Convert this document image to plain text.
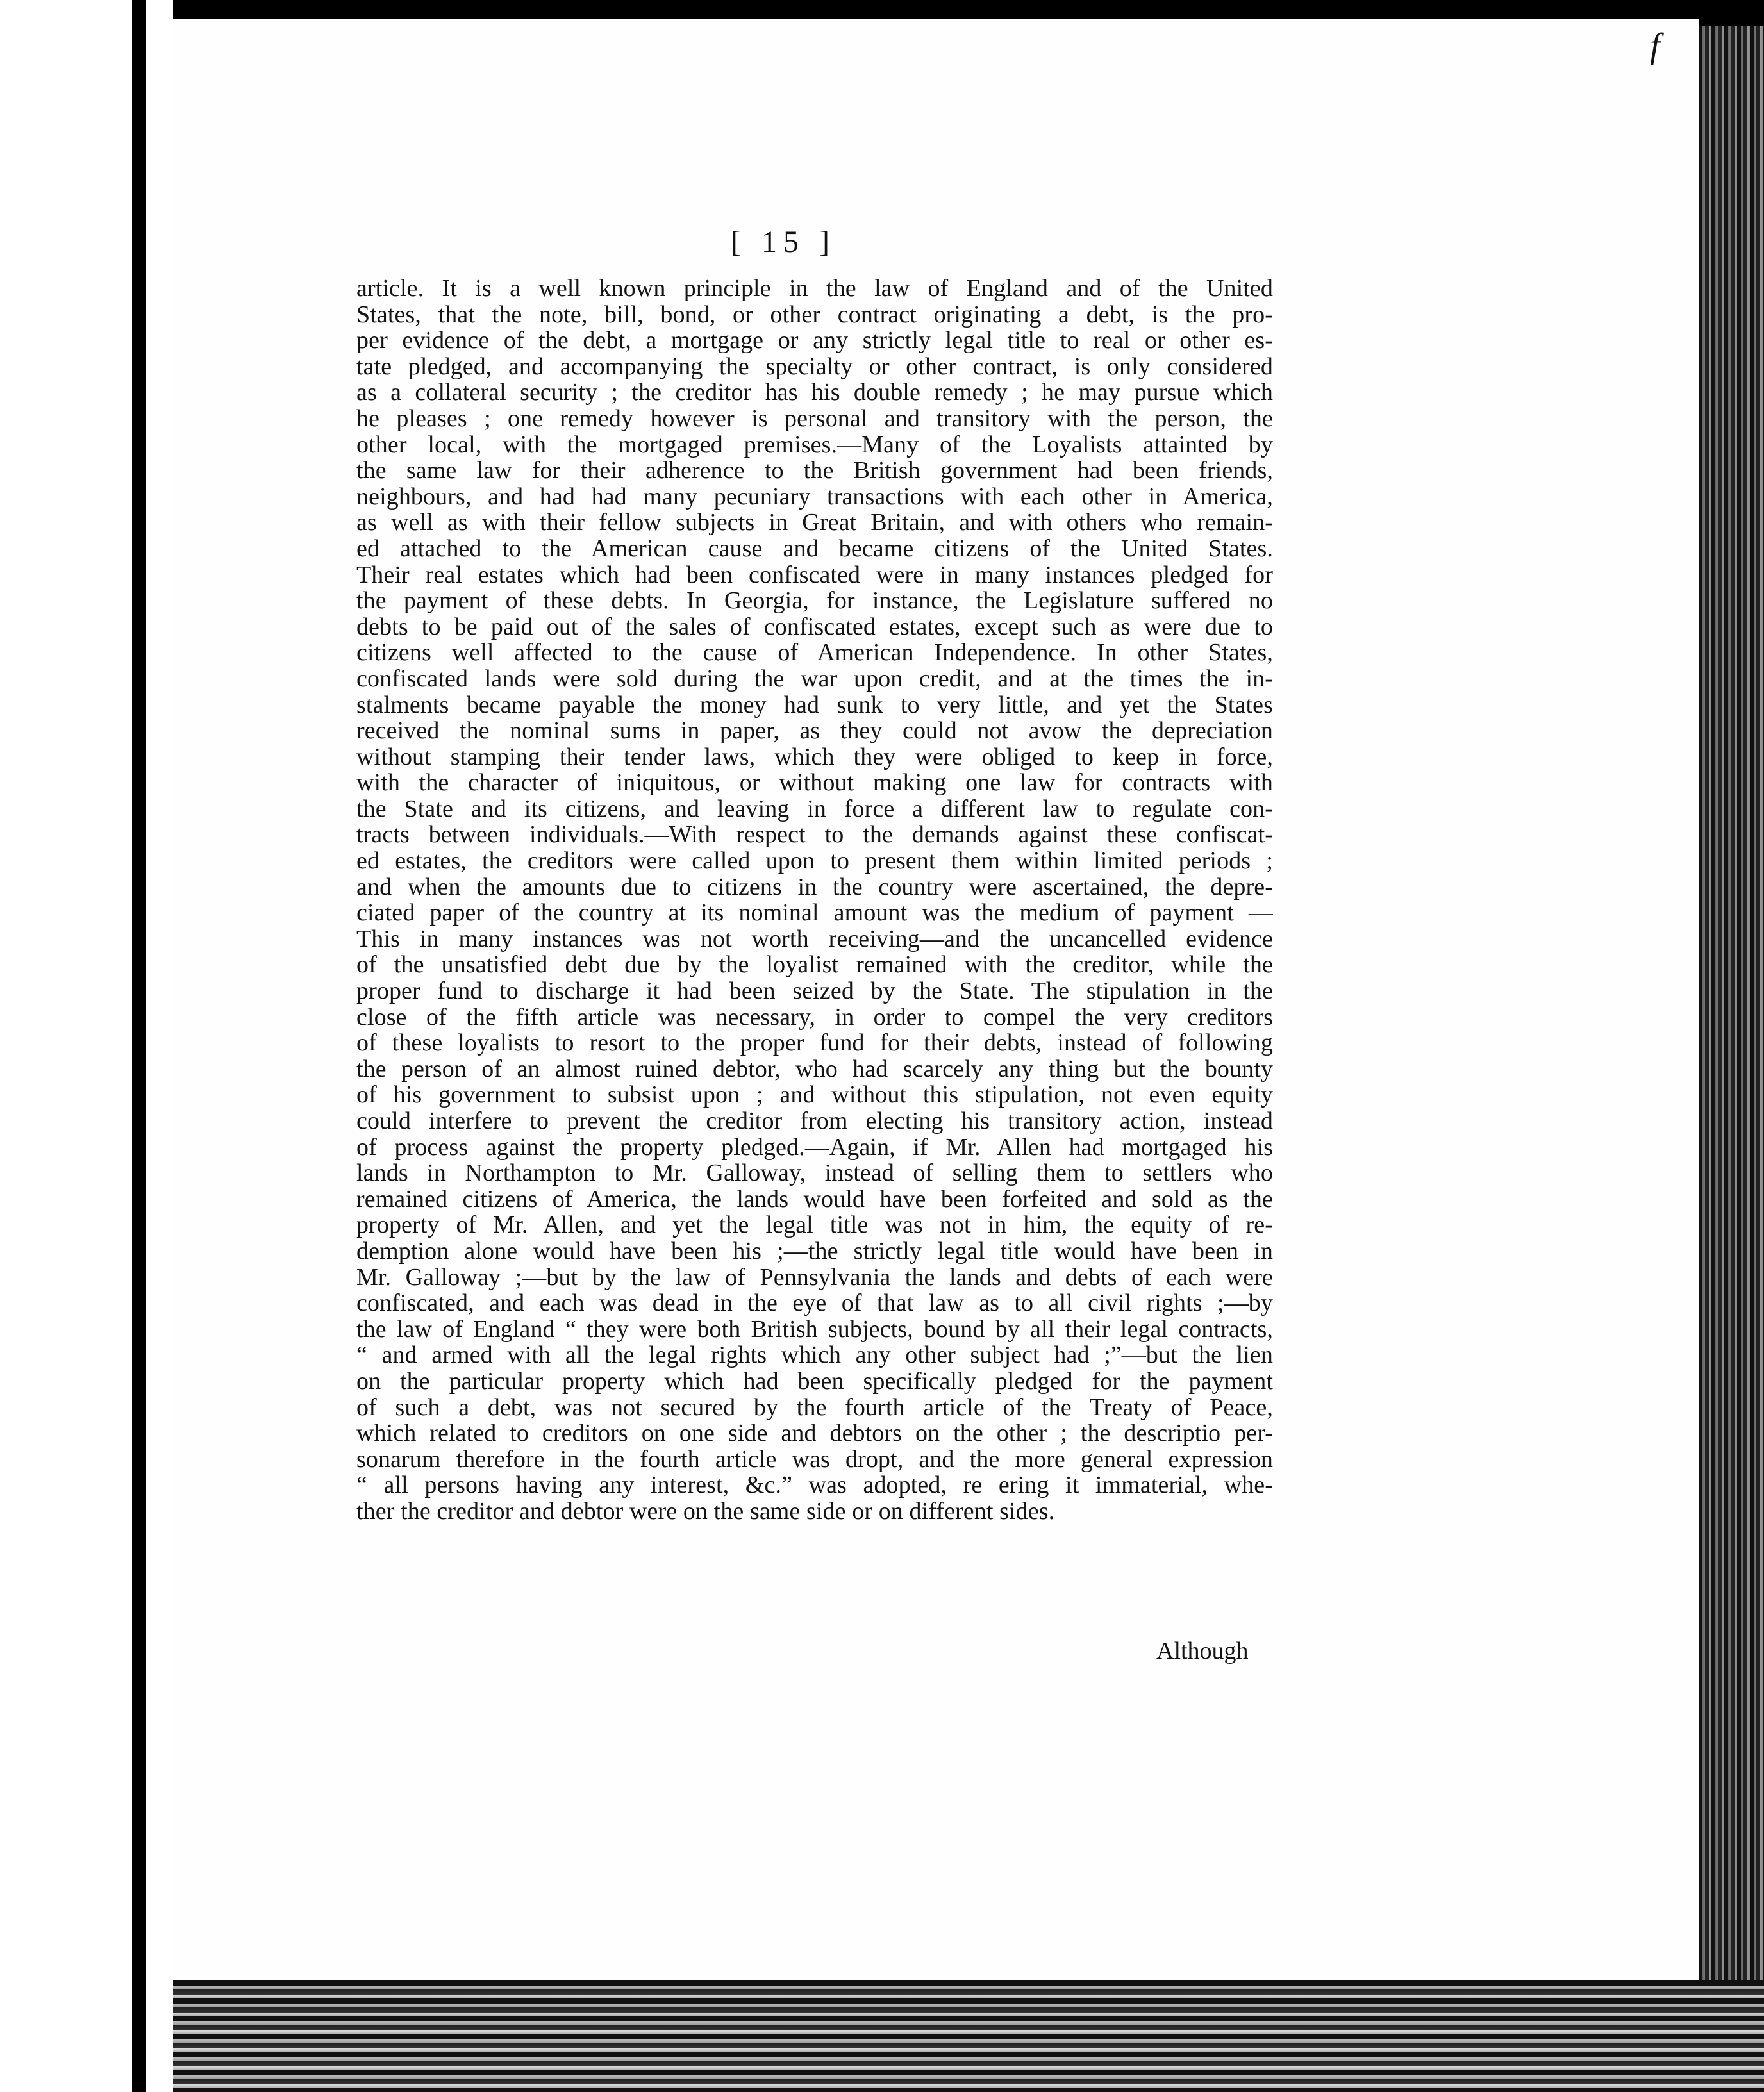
f
[ 15 ]
article. It is a well known principle in the law of England and of the United
States, that the note, bill, bond, or other contract originating a debt, is the pro-
per evidence of the debt, a mortgage or any strictly legal title to real or other es-
tate pledged, and accompanying the specialty or other contract, is only considered
as a collateral security ; the creditor has his double remedy ; he may pursue which
he pleases ; one remedy however is personal and transitory with the person, the
other local, with the mortgaged premises.—Many of the Loyalists attainted by
the same law for their adherence to the British government had been friends,
neighbours, and had had many pecuniary transactions with each other in America,
as well as with their fellow subjects in Great Britain, and with others who remain-
ed attached to the American cause and became citizens of the United States.
Their real estates which had been confiscated were in many instances pledged for
the payment of these debts. In Georgia, for instance, the Legislature suffered no
debts to be paid out of the sales of confiscated estates, except such as were due to
citizens well affected to the cause of American Independence. In other States,
confiscated lands were sold during the war upon credit, and at the times the in-
stalments became payable the money had sunk to very little, and yet the States
received the nominal sums in paper, as they could not avow the depreciation
without stamping their tender laws, which they were obliged to keep in force,
with the character of iniquitous, or without making one law for contracts with
the State and its citizens, and leaving in force a different law to regulate con-
tracts between individuals.—With respect to the demands against these confiscat-
ed estates, the creditors were called upon to present them within limited periods ;
and when the amounts due to citizens in the country were ascertained, the depre-
ciated paper of the country at its nominal amount was the medium of payment —
This in many instances was not worth receiving—and the uncancelled evidence
of the unsatisfied debt due by the loyalist remained with the creditor, while the
proper fund to discharge it had been seized by the State. The stipulation in the
close of the fifth article was necessary, in order to compel the very creditors
of these loyalists to resort to the proper fund for their debts, instead of following
the person of an almost ruined debtor, who had scarcely any thing but the bounty
of his government to subsist upon ; and without this stipulation, not even equity
could interfere to prevent the creditor from electing his transitory action, instead
of process against the property pledged.—Again, if Mr. Allen had mortgaged his
lands in Northampton to Mr. Galloway, instead of selling them to settlers who
remained citizens of America, the lands would have been forfeited and sold as the
property of Mr. Allen, and yet the legal title was not in him, the equity of re-
demption alone would have been his ;—the strictly legal title would have been in
Mr. Galloway ;—but by the law of Pennsylvania the lands and debts of each were
confiscated, and each was dead in the eye of that law as to all civil rights ;—by
the law of England “ they were both British subjects, bound by all their legal contracts,
“ and armed with all the legal rights which any other subject had ;”—but the lien
on the particular property which had been specifically pledged for the payment
of such a debt, was not secured by the fourth article of the Treaty of Peace,
which related to creditors on one side and debtors on the other ; the descriptio per-
sonarum therefore in the fourth article was dropt, and the more general expression
“ all persons having any interest, &c.” was adopted, re ering it immaterial, whe-
ther the creditor and debtor were on the same side or on different sides.
Although
